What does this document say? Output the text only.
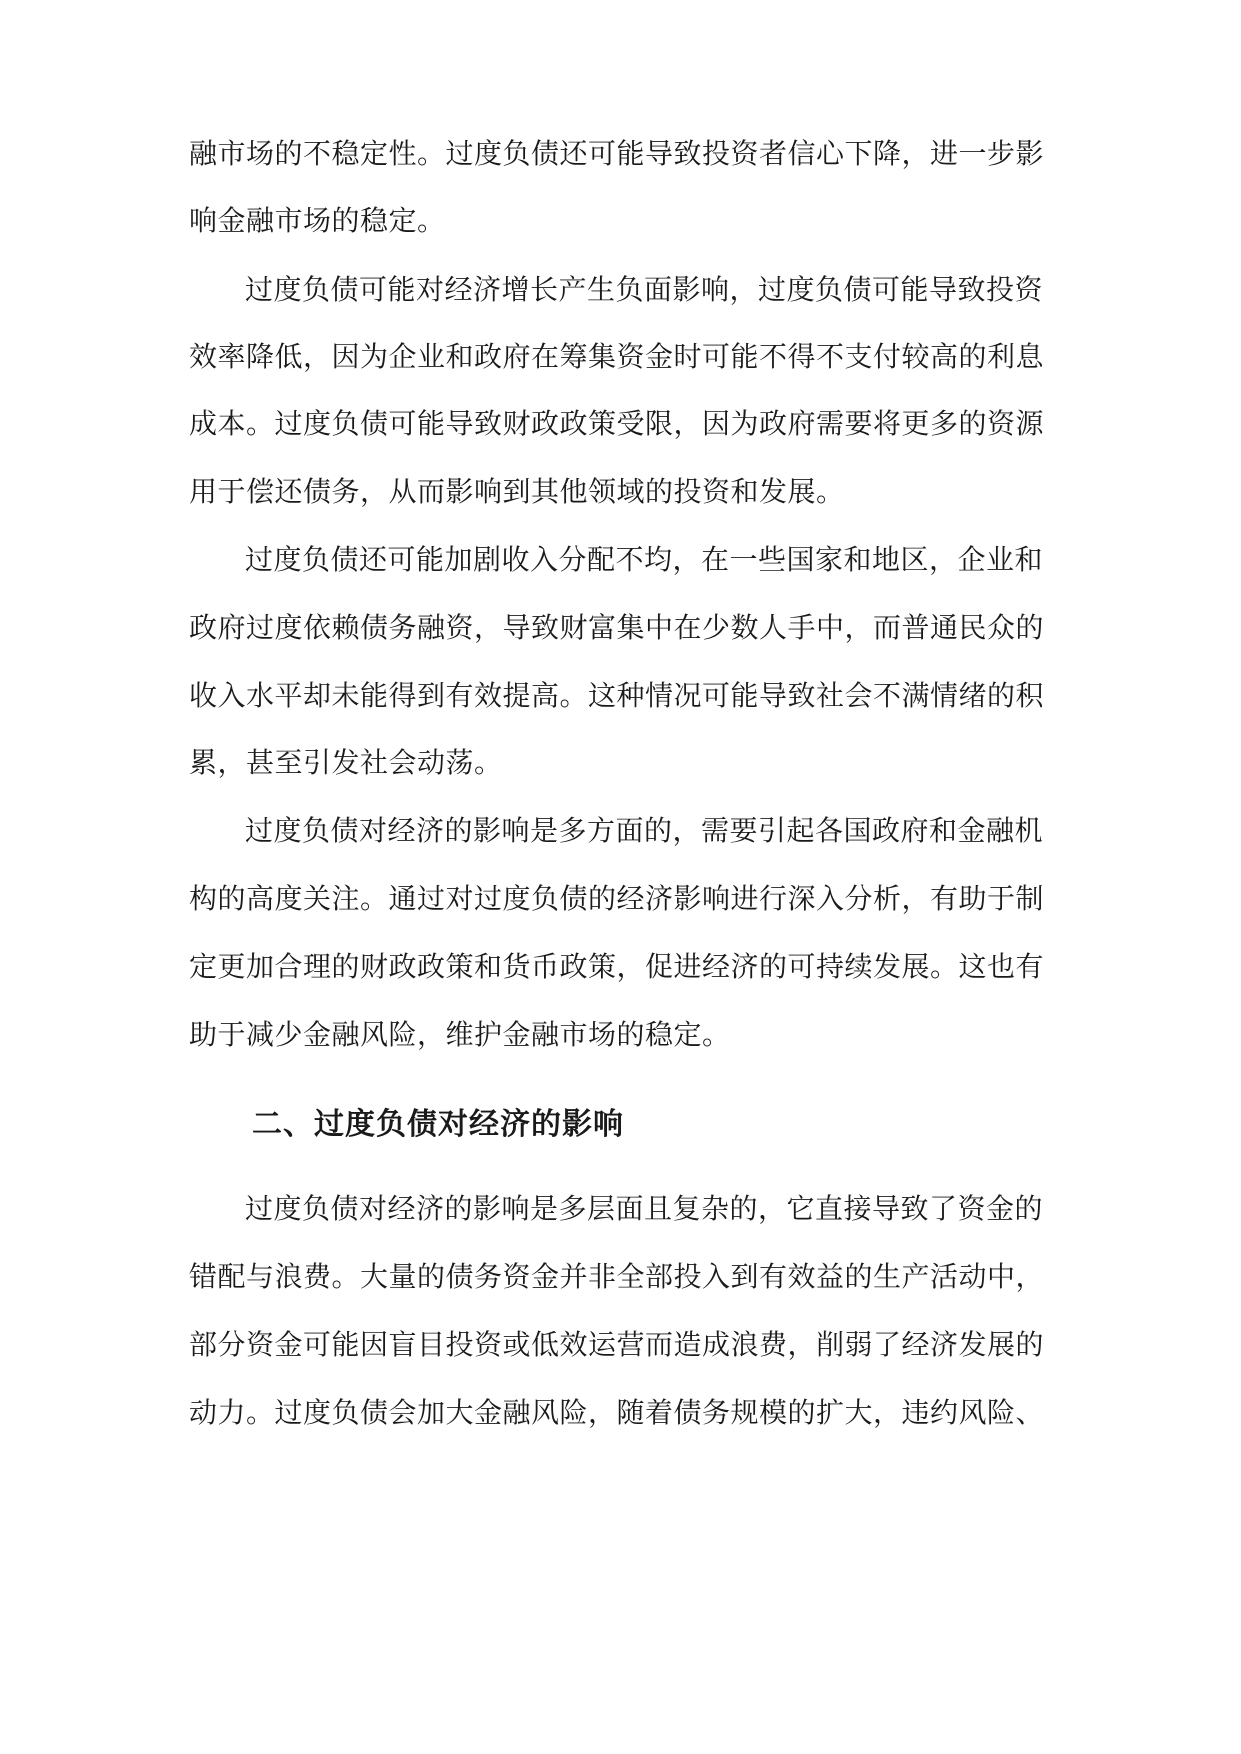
融市场的不稳定性。过度负债还可能导致投资者信心下降，进一步影
响金融市场的稳定。
过度负债可能对经济增长产生负面影响，过度负债可能导致投资
效率降低，因为企业和政府在筹集资金时可能不得不支付较高的利息
成本。过度负债可能导致财政政策受限，因为政府需要将更多的资源
用于偿还债务，从而影响到其他领域的投资和发展。
过度负债还可能加剧收入分配不均，在一些国家和地区，企业和
政府过度依赖债务融资，导致财富集中在少数人手中，而普通民众的
收入水平却未能得到有效提高。这种情况可能导致社会不满情绪的积
累，甚至引发社会动荡。
过度负债对经济的影响是多方面的，需要引起各国政府和金融机
构的高度关注。通过对过度负债的经济影响进行深入分析，有助于制
定更加合理的财政政策和货币政策，促进经济的可持续发展。这也有
助于减少金融风险，维护金融市场的稳定。
二、过度负债对经济的影响
过度负债对经济的影响是多层面且复杂的，它直接导致了资金的
错配与浪费。大量的债务资金并非全部投入到有效益的生产活动中，
部分资金可能因盲目投资或低效运营而造成浪费，削弱了经济发展的
动力。过度负债会加大金融风险，随着债务规模的扩大，违约风险、
